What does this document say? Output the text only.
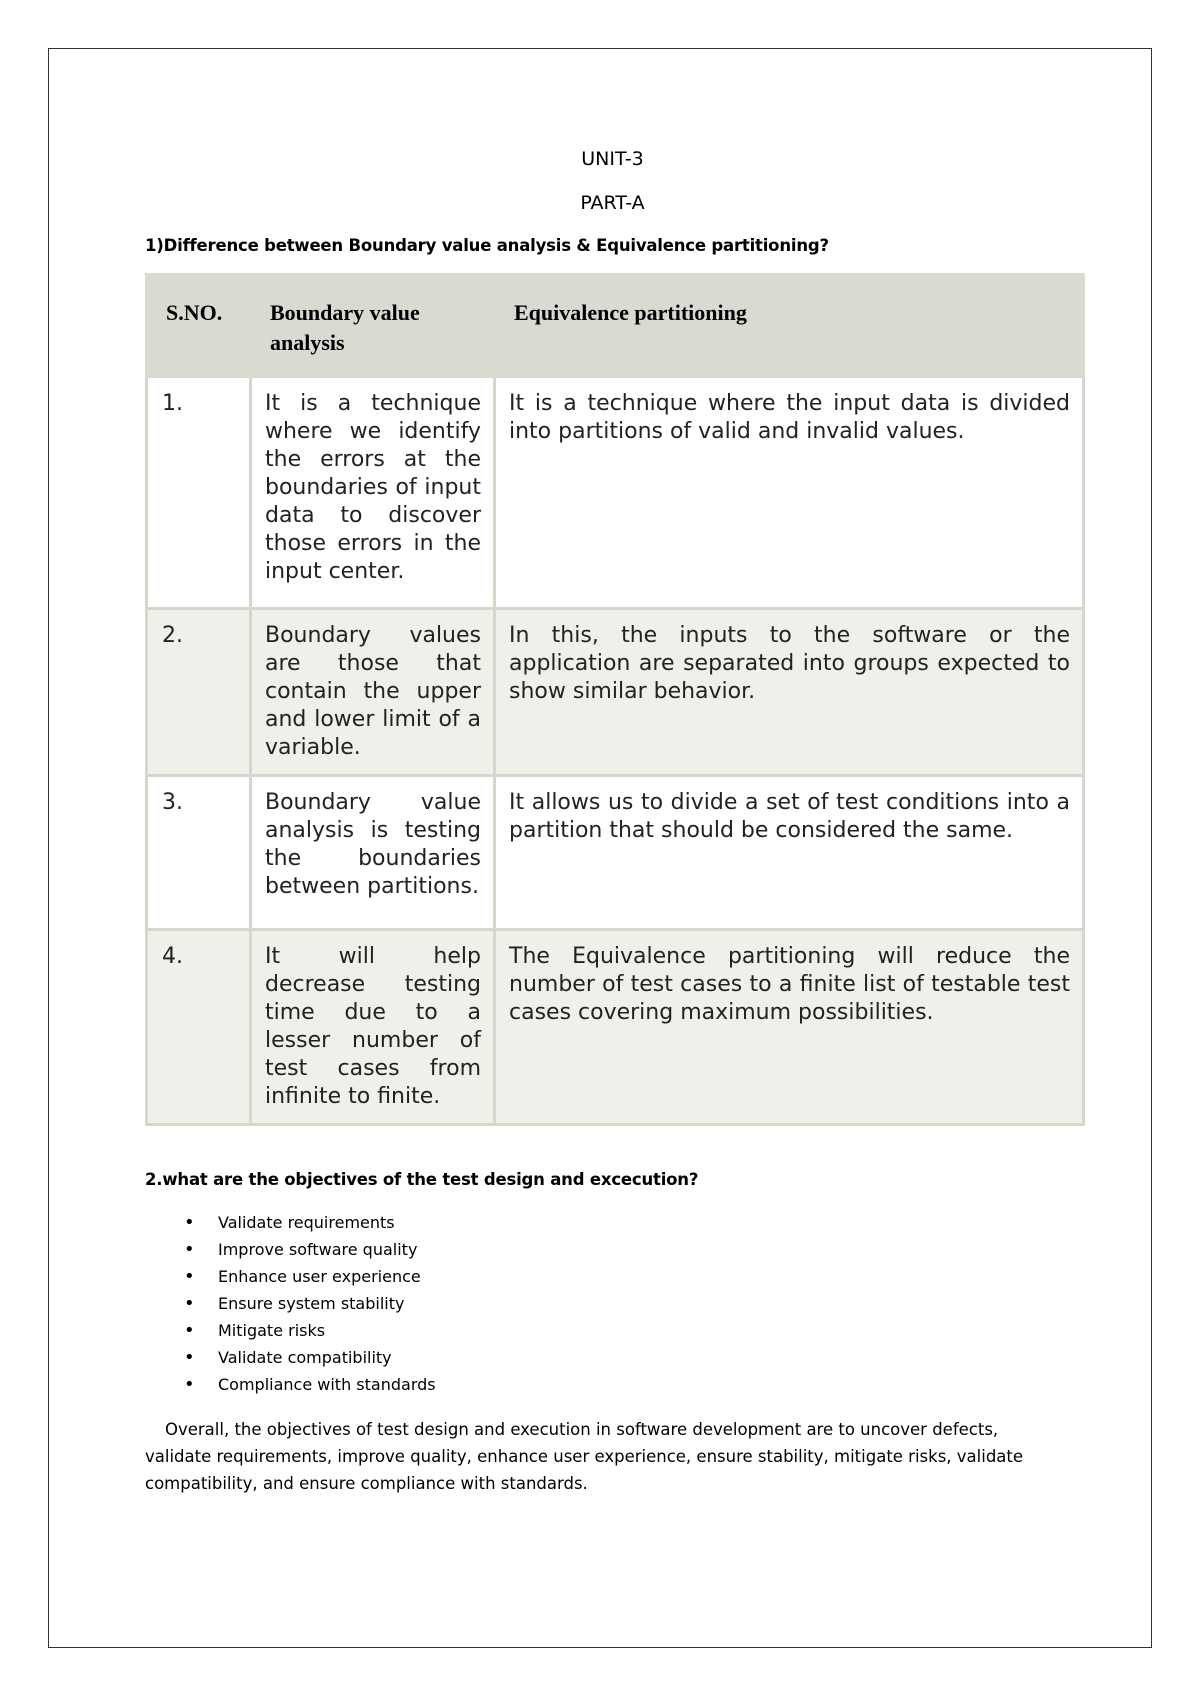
UNIT-3

PART-A

1)Difference between Boundary value analysis & Equivalence partitioning?

S.NO.	Boundary value analysis	Equivalence partitioning
1.	It is a technique where we identify the errors at the boundaries of input data to discover those errors in the input center.	It is a technique where the input data is divided into partitions of valid and invalid values.
2.	Boundary values are those that contain the upper and lower limit of a variable.	In this, the inputs to the software or the application are separated into groups expected to show similar behavior.
3.	Boundary value analysis is testing the boundaries between partitions.	It allows us to divide a set of test conditions into a partition that should be considered the same.
4.	It will help decrease testing time due to a lesser number of test cases from infinite to finite.	The Equivalence partitioning will reduce the number of test cases to a finite list of testable test cases covering maximum possibilities.

2.what are the objectives of the test design and excecution?

• Validate requirements
• Improve software quality
• Enhance user experience
• Ensure system stability
• Mitigate risks
• Validate compatibility
• Compliance with standards

Overall, the objectives of test design and execution in software development are to uncover defects, validate requirements, improve quality, enhance user experience, ensure stability, mitigate risks, validate compatibility, and ensure compliance with standards.
